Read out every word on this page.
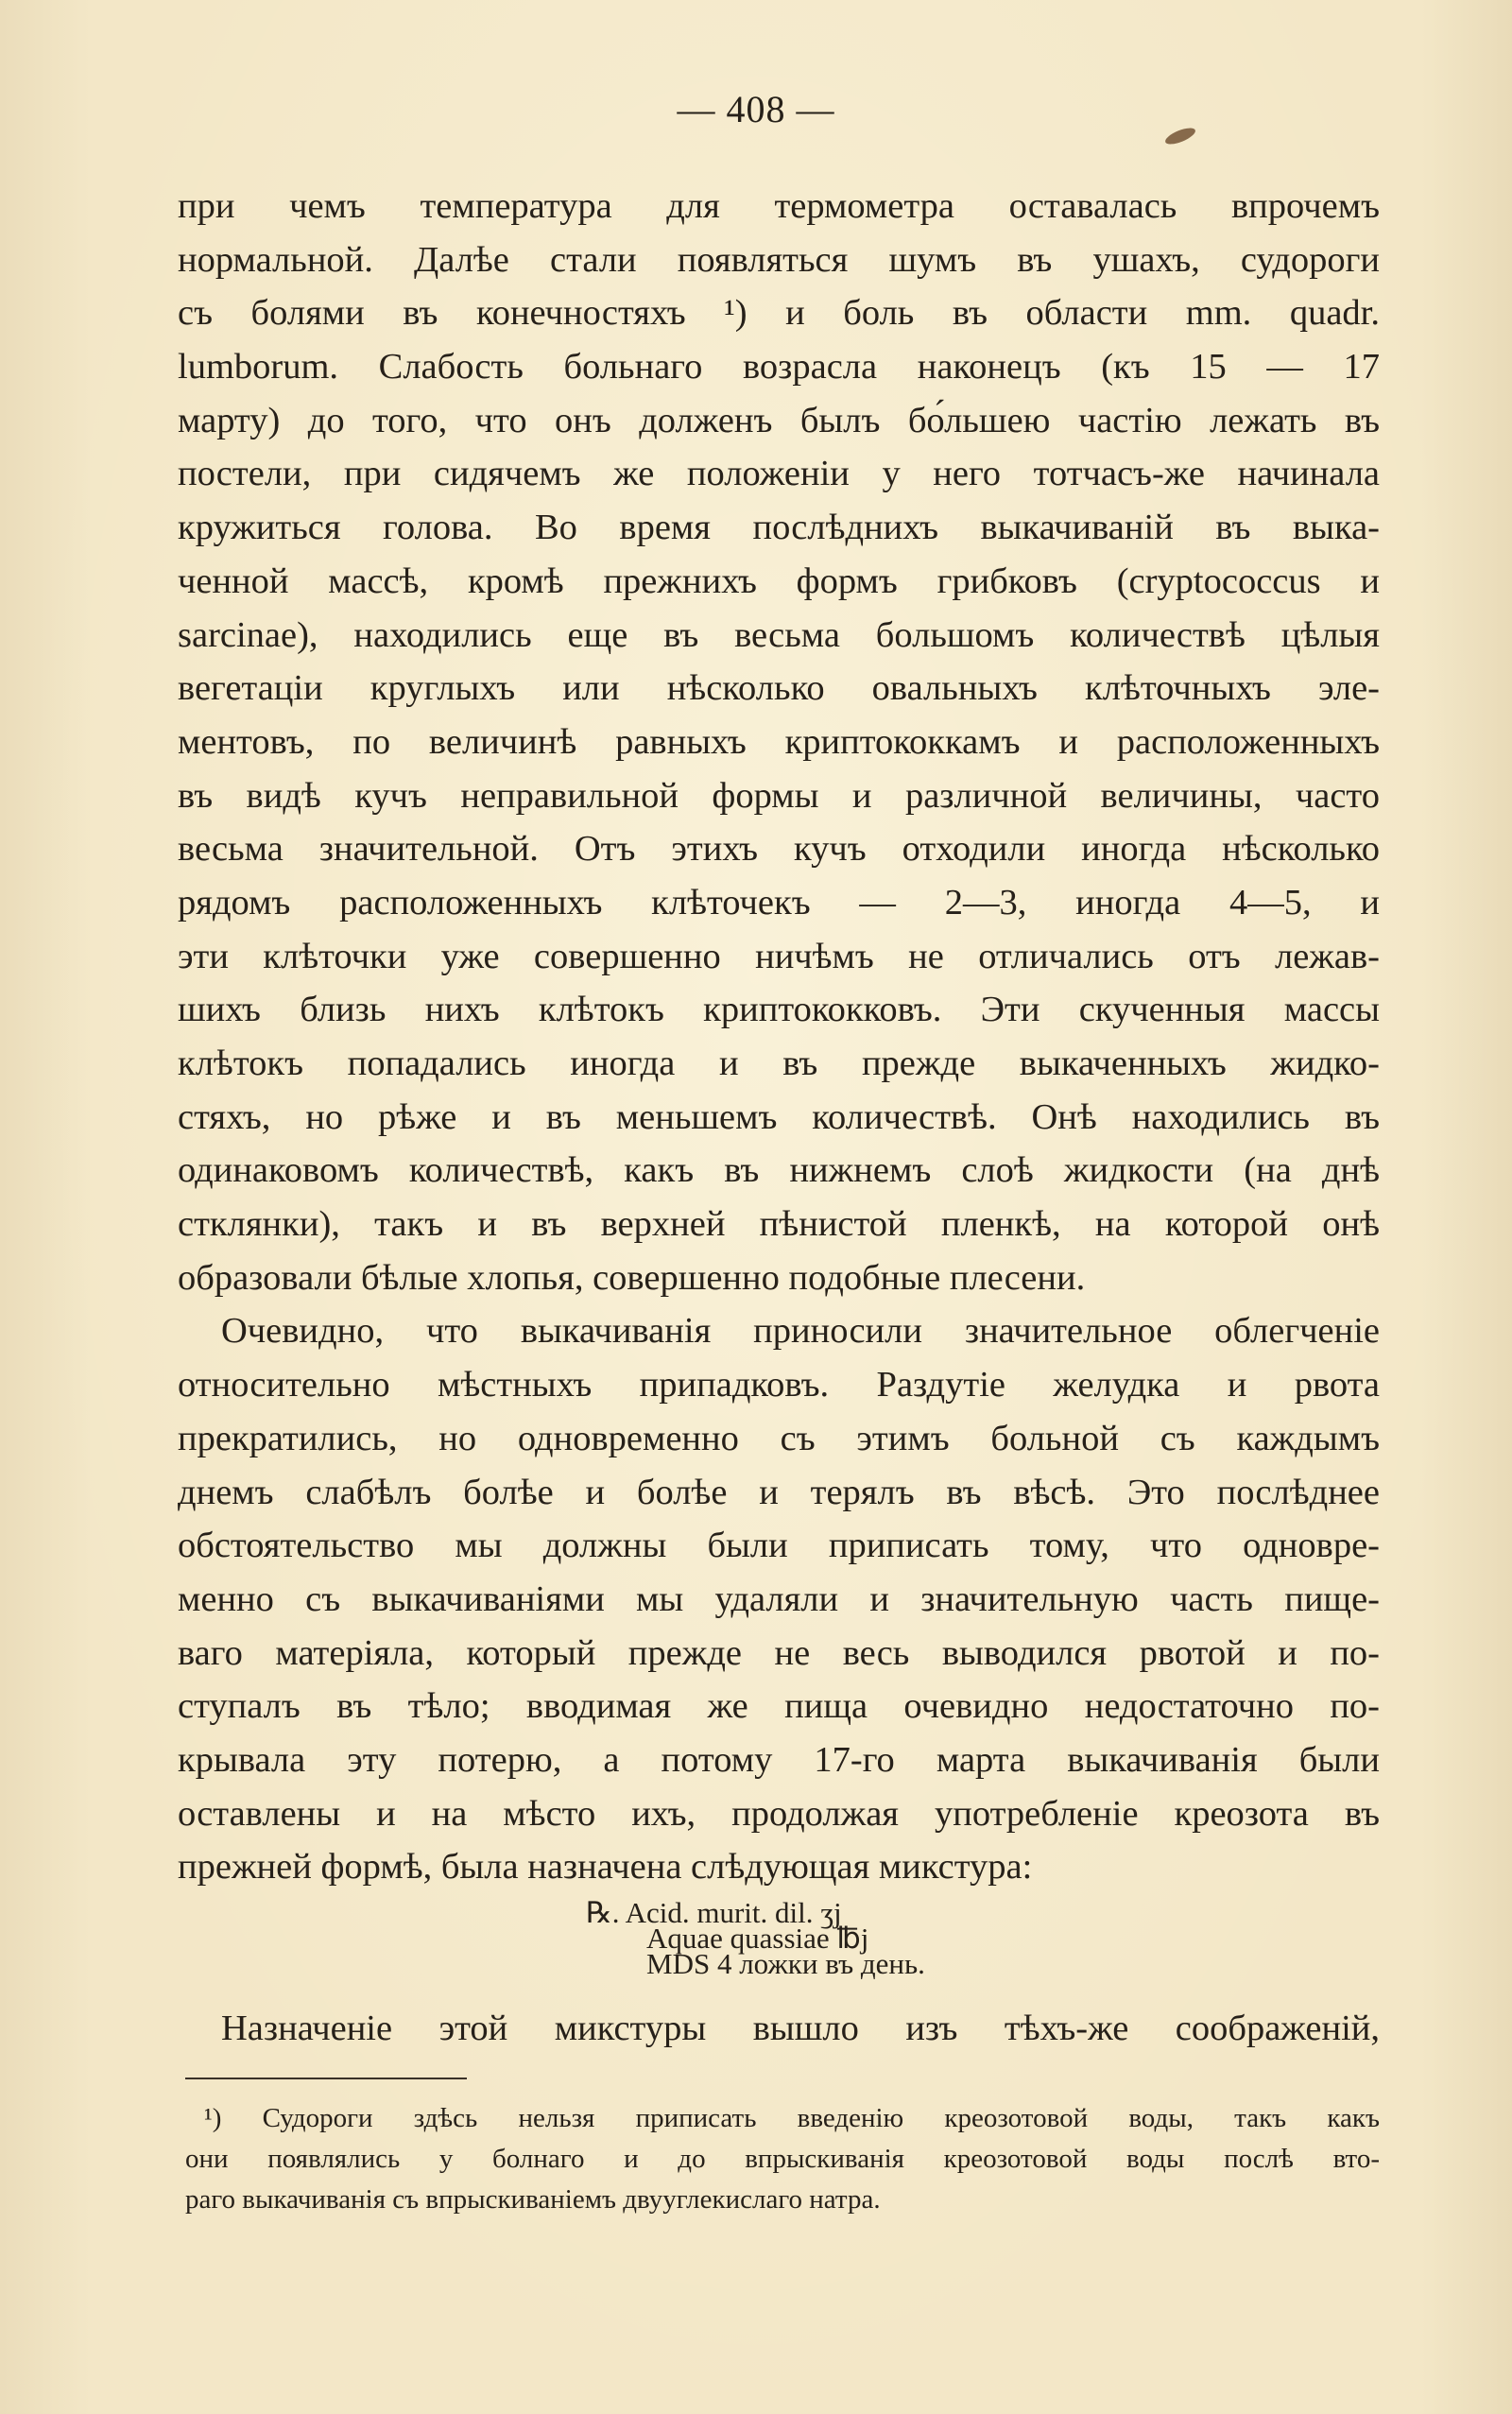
— 408 —
при чемъ температура для термометра оставалась впрочемъ
нормальной. Далѣе стали появляться шумъ въ ушахъ, судороги
съ болями въ конечностяхъ ¹) и боль въ области mm. quadr.
lumborum. Слабость больнаго возрасла наконецъ (къ 15 — 17
марту) до того, что онъ долженъ былъ бо́льшею частію лежать въ
постели, при сидячемъ же положеніи у него тотчасъ-же начинала
кружиться голова. Во время послѣднихъ выкачиваній въ выка-
ченной массѣ, кромѣ прежнихъ формъ грибковъ (cryptococcus и
sarcinae), находились еще въ весьма большомъ количествѣ цѣлыя
вегетаціи круглыхъ или нѣсколько овальныхъ клѣточныхъ эле-
ментовъ, по величинѣ равныхъ криптококкамъ и расположенныхъ
въ видѣ кучъ неправильной формы и различной величины, часто
весьма значительной. Отъ этихъ кучъ отходили иногда нѣсколько
рядомъ расположенныхъ клѣточекъ — 2—3, иногда 4—5, и
эти клѣточки уже совершенно ничѣмъ не отличались отъ лежав-
шихъ близь нихъ клѣтокъ криптококковъ. Эти скученныя массы
клѣтокъ попадались иногда и въ прежде выкаченныхъ жидко-
стяхъ, но рѣже и въ меньшемъ количествѣ. Онѣ находились въ
одинаковомъ количествѣ, какъ въ нижнемъ слоѣ жидкости (на днѣ
стклянки), такъ и въ верхней пѣнистой пленкѣ, на которой онѣ
образовали бѣлые хлопья, совершенно подобные плесени.
Очевидно, что выкачиванія приносили значительное облегченіе
относительно мѣстныхъ припадковъ. Раздутіе желудка и рвота
прекратились, но одновременно съ этимъ больной съ каждымъ
днемъ слабѣлъ болѣе и болѣе и терялъ въ вѣсѣ. Это послѣднее
обстоятельство мы должны были приписать тому, что одновре-
менно съ выкачиваніями мы удаляли и значительную часть пище-
ваго матеріяла, который прежде не весь выводился рвотой и по-
ступалъ въ тѣло; вводимая же пища очевидно недостаточно по-
крывала эту потерю, а потому 17-го марта выкачиванія были
оставлены и на мѣсто ихъ, продолжая употребленіе креозота въ
прежней формѣ, была назначена слѣдующая микстура:
℞. Acid. murit. dil. ʒj
Aquae quassiae ℔j
MDS 4 ложки въ день.
Назначеніе этой микстуры вышло изъ тѣхъ-же соображеній,
¹) Судороги здѣсь нельзя приписать введенію креозотовой воды, такъ какъ
они появлялись у болнаго и до впрыскиванія креозотовой воды послѣ вто-
раго выкачиванія съ впрыскиваніемъ двууглекислаго натра.
